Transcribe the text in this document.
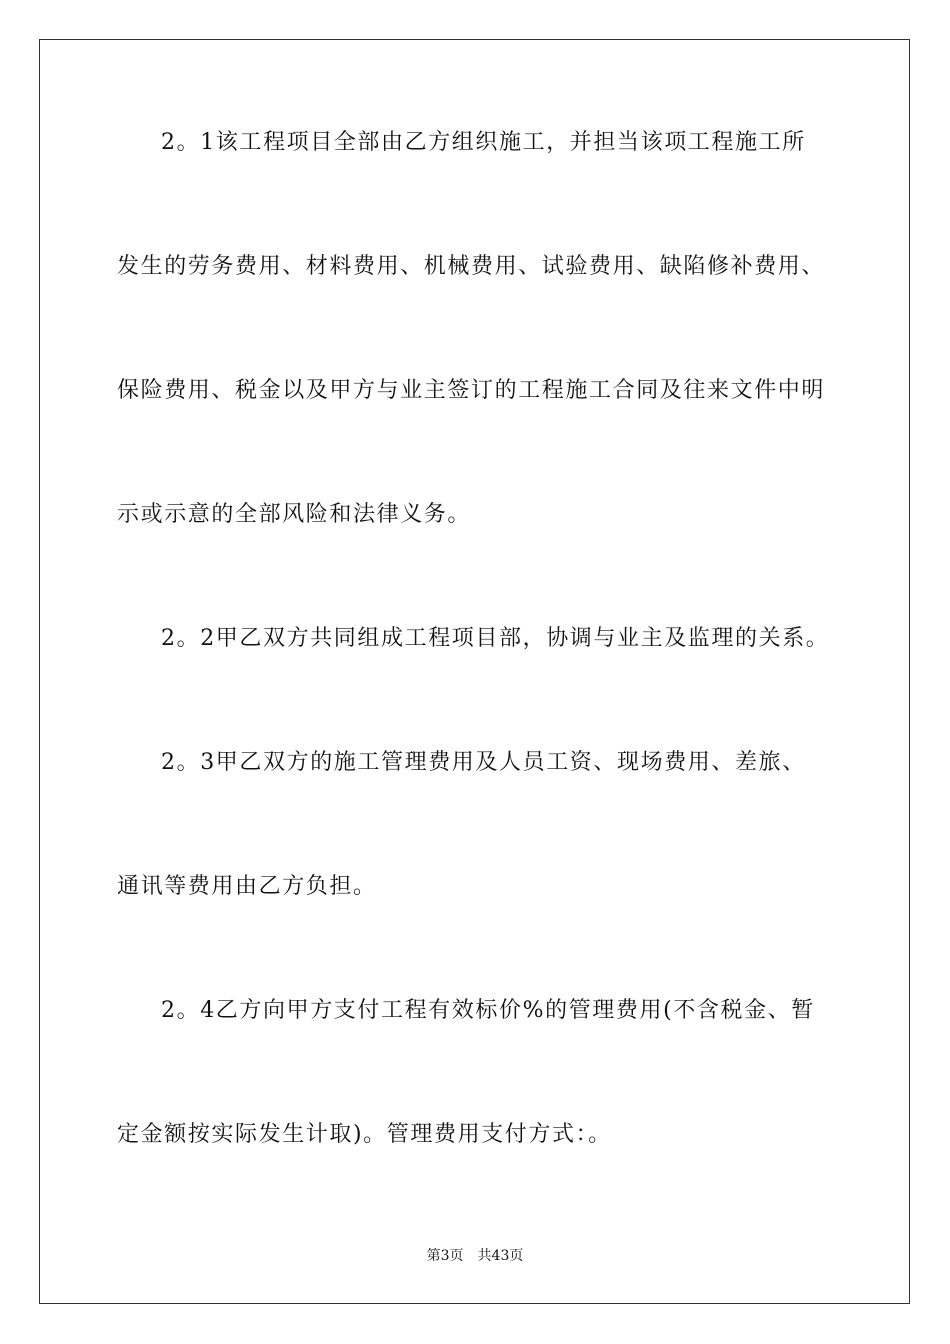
2。1该工程项目全部由乙方组织施工，并担当该项工程施工所

发生的劳务费用、材料费用、机械费用、试验费用、缺陷修补费用、

保险费用、税金以及甲方与业主签订的工程施工合同及往来文件中明

示或示意的全部风险和法律义务。

2。2甲乙双方共同组成工程项目部，协调与业主及监理的关系。

2。3甲乙双方的施工管理费用及人员工资、现场费用、差旅、

通讯等费用由乙方负担。

2。4乙方向甲方支付工程有效标价%的管理费用(不含税金、暂

定金额按实际发生计取)。管理费用支付方式：。

第3页 共43页
